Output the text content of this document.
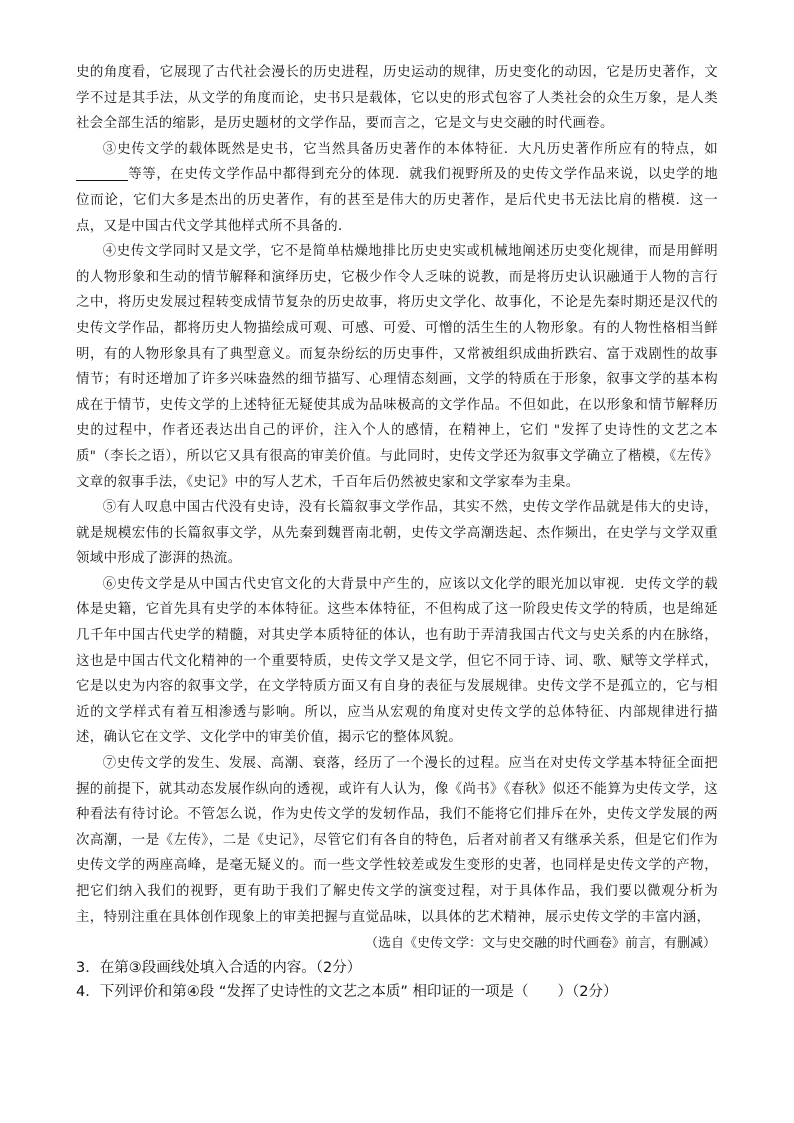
史的角度看，它展现了古代社会漫长的历史进程，历史运动的规律，历史变化的动因，它是历史著作，文学不过是其手法，从文学的角度而论，史书只是载体，它以史的形式包容了人类社会的众生万象，是人类社会全部生活的缩影，是历史题材的文学作品，要而言之，它是文与史交融的时代画卷。

③史传文学的载体既然是史书，它当然具备历史著作的本体特征．大凡历史著作所应有的特点，如等等，在史传文学作品中都得到充分的体现．就我们视野所及的史传文学作品来说，以史学的地位而论，它们大多是杰出的历史著作，有的甚至是伟大的历史著作，是后代史书无法比肩的楷模．这一点，又是中国古代文学其他样式所不具备的．

④史传文学同时又是文学，它不是简单枯燥地排比历史史实或机械地阐述历史变化规律，而是用鲜明的人物形象和生动的情节解释和演绎历史，它极少作令人乏味的说教，而是将历史认识融通于人物的言行之中，将历史发展过程转变成情节复杂的历史故事，将历史文学化、故事化，不论是先秦时期还是汉代的史传文学作品，都将历史人物描绘成可观、可感、可爱、可憎的活生生的人物形象。有的人物性格相当鲜明，有的人物形象具有了典型意义。而复杂纷纭的历史事件，又常被组织成曲折跌宕、富于戏剧性的故事情节；有时还增加了许多兴味盎然的细节描写、心理情态刻画，文学的特质在于形象，叙事文学的基本构成在于情节，史传文学的上述特征无疑使其成为品味极高的文学作品。不但如此，在以形象和情节解释历史的过程中，作者还表达出自己的评价，注入个人的感情，在精神上，它们 "发挥了史诗性的文艺之本质"（李长之语），所以它又具有很高的审美价值。与此同时，史传文学还为叙事文学确立了楷模，《左传》文章的叙事手法，《史记》中的写人艺术，千百年后仍然被史家和文学家奉为圭臬。

⑤有人叹息中国古代没有史诗，没有长篇叙事文学作品，其实不然，史传文学作品就是伟大的史诗，就是规模宏伟的长篇叙事文学，从先秦到魏晋南北朝，史传文学高潮迭起、杰作频出，在史学与文学双重领域中形成了澎湃的热流。

⑥史传文学是从中国古代史官文化的大背景中产生的，应该以文化学的眼光加以审视．史传文学的载体是史籍，它首先具有史学的本体特征。这些本体特征，不但构成了这一阶段史传文学的特质，也是绵延几千年中国古代史学的精髓，对其史学本质特征的体认，也有助于弄清我国古代文与史关系的内在脉络，这也是中国古代文化精神的一个重要特质，史传文学又是文学，但它不同于诗、词、歌、赋等文学样式，它是以史为内容的叙事文学，在文学特质方面又有自身的表征与发展规律。史传文学不是孤立的，它与相近的文学样式有着互相渗透与影响。所以，应当从宏观的角度对史传文学的总体特征、内部规律进行描述，确认它在文学、文化学中的审美价值，揭示它的整体风貌。

⑦史传文学的发生、发展、高潮、衰落，经历了一个漫长的过程。应当在对史传文学基本特征全面把握的前提下，就其动态发展作纵向的透视，或许有人认为，像《尚书》《春秋》似还不能算为史传文学，这种看法有待讨论。不管怎么说，作为史传文学的发轫作品，我们不能将它们排斥在外，史传文学发展的两次高潮，一是《左传》，二是《史记》，尽管它们有各自的特色，后者对前者又有继承关系，但是它们作为史传文学的两座高峰，是毫无疑义的。而一些文学性较差或发生变形的史著，也同样是史传文学的产物，把它们纳入我们的视野，更有助于我们了解史传文学的演变过程，对于具体作品，我们要以微观分析为主，特别注重在具体创作现象上的审美把握与直觉品味，以具体的艺术精神，展示史传文学的丰富内涵，

（选自《史传文学：文与史交融的时代画卷》前言，有删减）

3．在第③段画线处填入合适的内容。（2分）

4．下列评价和第④段 “发挥了史诗性的文艺之本质” 相印证的一项是（　　）（2分）
